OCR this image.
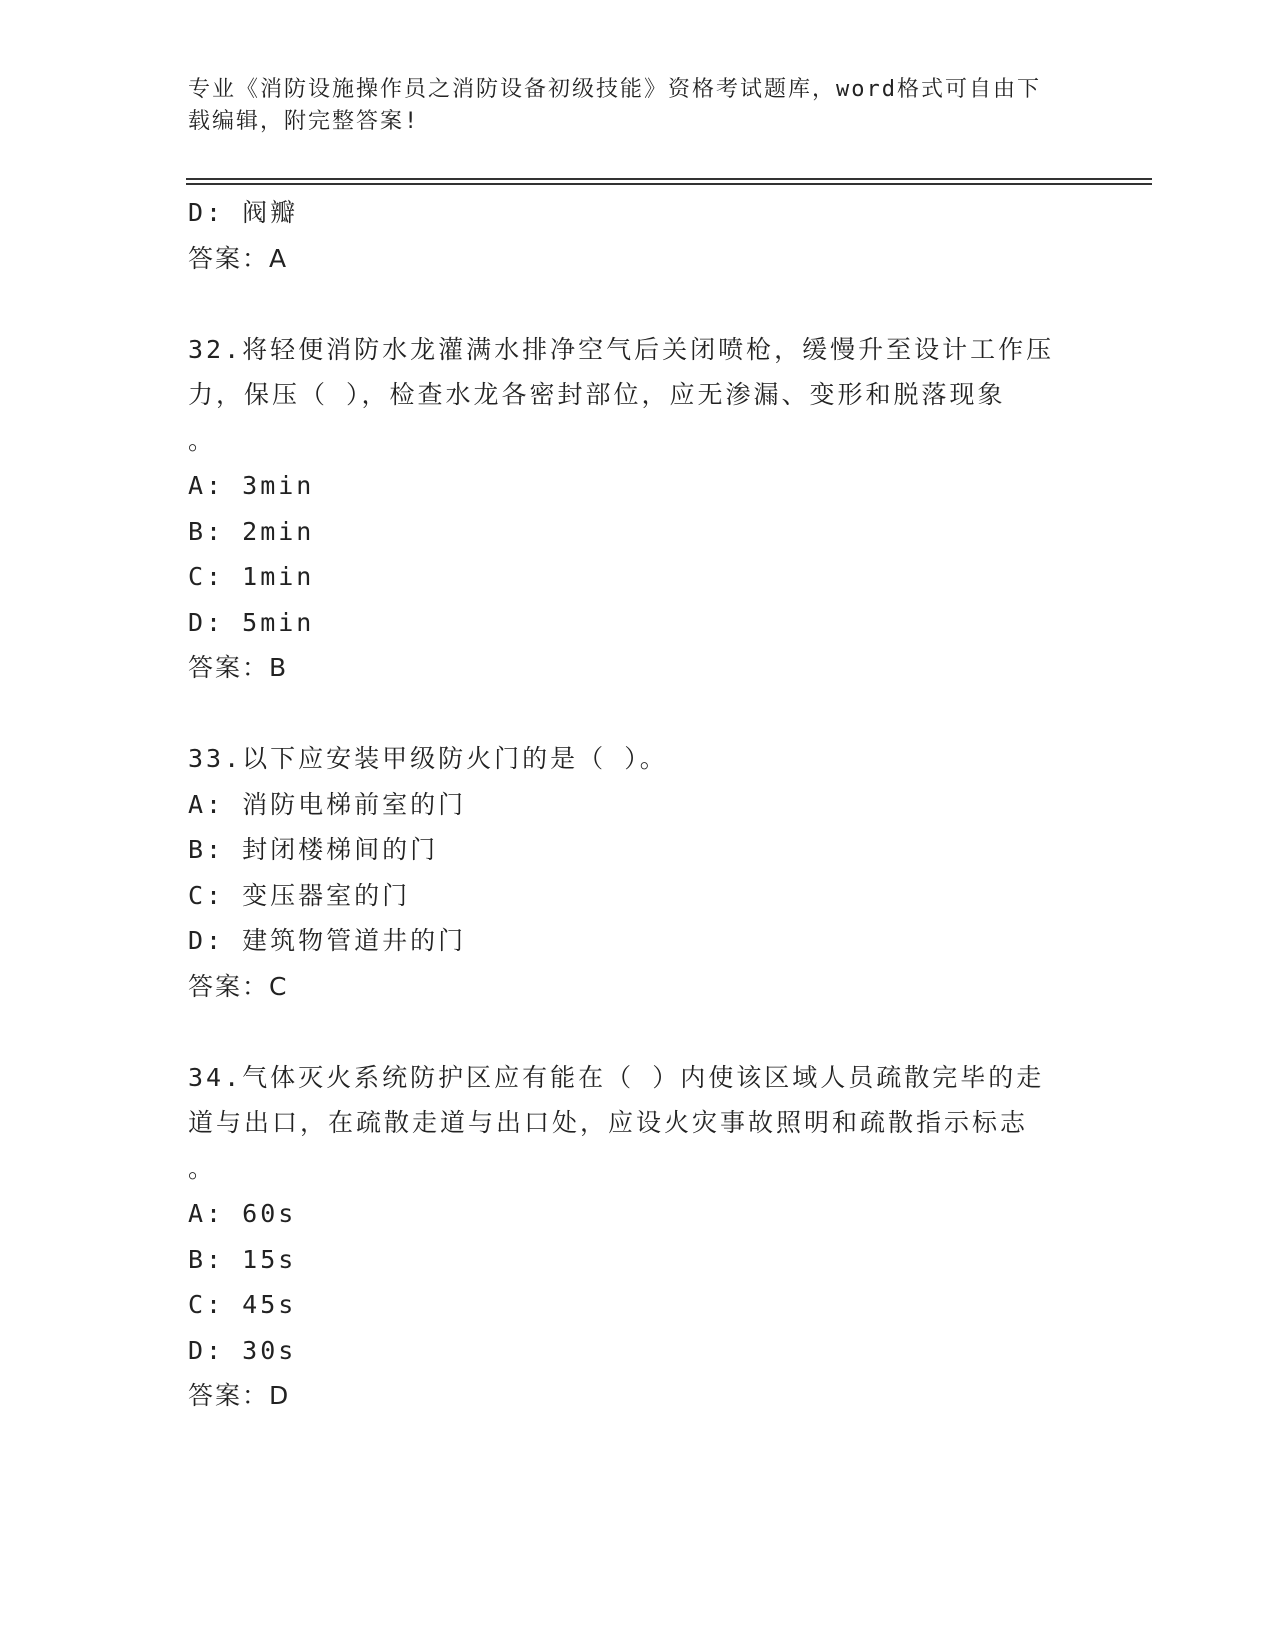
专业《消防设施操作员之消防设备初级技能》资格考试题库，word格式可自由下
载编辑，附完整答案!
D: 阀瓣
答案：A
32.将轻便消防水龙灌满水排净空气后关闭喷枪，缓慢升至设计工作压
力，保压（ ），检查水龙各密封部位，应无渗漏、变形和脱落现象
。
A: 3min
B: 2min
C: 1min
D: 5min
答案：B
33.以下应安装甲级防火门的是（ ）。
A: 消防电梯前室的门
B: 封闭楼梯间的门
C: 变压器室的门
D: 建筑物管道井的门
答案：C
34.气体灭火系统防护区应有能在（ ）内使该区域人员疏散完毕的走
道与出口，在疏散走道与出口处，应设火灾事故照明和疏散指示标志
。
A: 60s
B: 15s
C: 45s
D: 30s
答案：D
